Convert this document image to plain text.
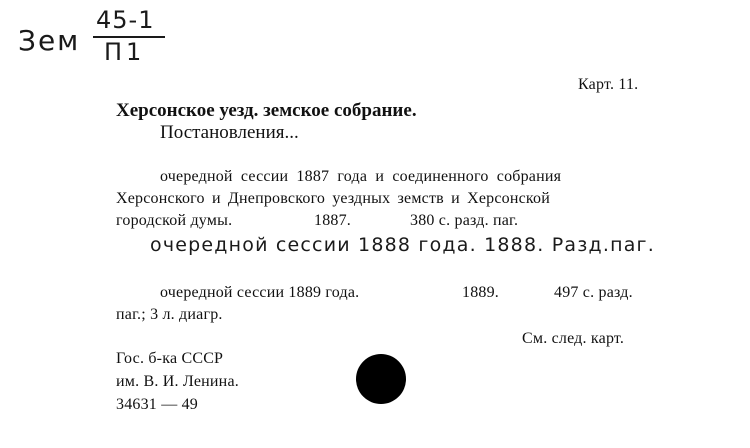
Зем
45-1
П1
Карт. 11.
Херсонское уезд. земское собрание.
Постановления...
очередной сессии 1887 года и соединенного собрания
Херсонского и Днепровского уездных земств и Херсонской
городской думы.	1887.	380 с. разд. паг.
очередной сессии 1888 года. 1888. Разд.паг.
очередной сессии 1889 года.	1889.	497 с. разд.
паг.; 3 л. диагр.
См. след. карт.
Гос. б-ка СССР
им. В. И. Ленина.
34631 — 49
